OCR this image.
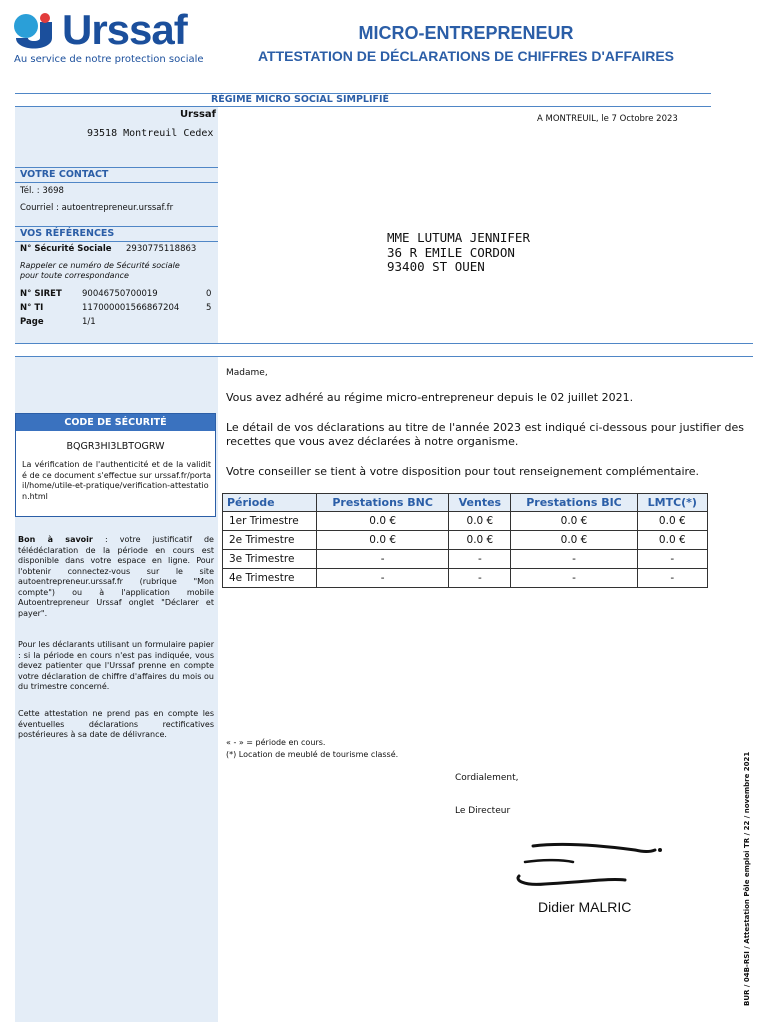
Urssaf
Au service de notre protection sociale
MICRO-ENTREPRENEUR
ATTESTATION DE DÉCLARATIONS DE CHIFFRES D'AFFAIRES
RÉGIME MICRO SOCIAL SIMPLIFIÉ
Urssaf
93518 Montreuil Cedex
VOTRE CONTACT
Tél. : 3698
Courriel : autoentrepreneur.urssaf.fr
VOS RÉFÉRENCES
N° Sécurité Sociale 2930775118863
Rappeler ce numéro de Sécurité sociale pour toute correspondance
N° SIRET 90046750700019	0
N° TI	117000001566867204	5
Page	1/1
A MONTREUIL, le 7 Octobre 2023
MME LUTUMA JENNIFER
36 R EMILE CORDON
93400 ST OUEN
CODE DE SÉCURITÉ
BQGR3HI3LBTOGRW
La vérification de l'authenticité et de la validité de ce document s'effectue sur urssaf.fr/portail/home/utile-et-pratique/verification-attestation.html
Bon à savoir : votre justificatif de télédéclaration de la période en cours est disponible dans votre espace en ligne. Pour l'obtenir connectez-vous sur le site autoentrepreneur.urssaf.fr (rubrique "Mon compte") ou à l'application mobile Autoentrepreneur Urssaf onglet "Déclarer et payer".
Pour les déclarants utilisant un formulaire papier : si la période en cours n'est pas indiquée, vous devez patienter que l'Urssaf prenne en compte votre déclaration de chiffre d'affaires du mois ou du trimestre concerné.
Cette attestation ne prend pas en compte les éventuelles déclarations rectificatives postérieures à sa date de délivrance.
Madame,
Vous avez adhéré au régime micro-entrepreneur depuis le 02 juillet 2021.
Le détail de vos déclarations au titre de l'année 2023 est indiqué ci-dessous pour justifier des recettes que vous avez déclarées à notre organisme.
Votre conseiller se tient à votre disposition pour tout renseignement complémentaire.
Période	Prestations BNC	Ventes	Prestations BIC	LMTC(*)
1er Trimestre	0.0 €	0.0 €	0.0 €	0.0 €
2e Trimestre	0.0 €	0.0 €	0.0 €	0.0 €
3e Trimestre	-	-	-	-
4e Trimestre	-	-	-	-
« - » = période en cours.
(*) Location de meublé de tourisme classé.
Cordialement,
Le Directeur
Didier MALRIC	BUR / 04B-RSI / Attestation Pôle emploi TR / 22 / novembre 2021
